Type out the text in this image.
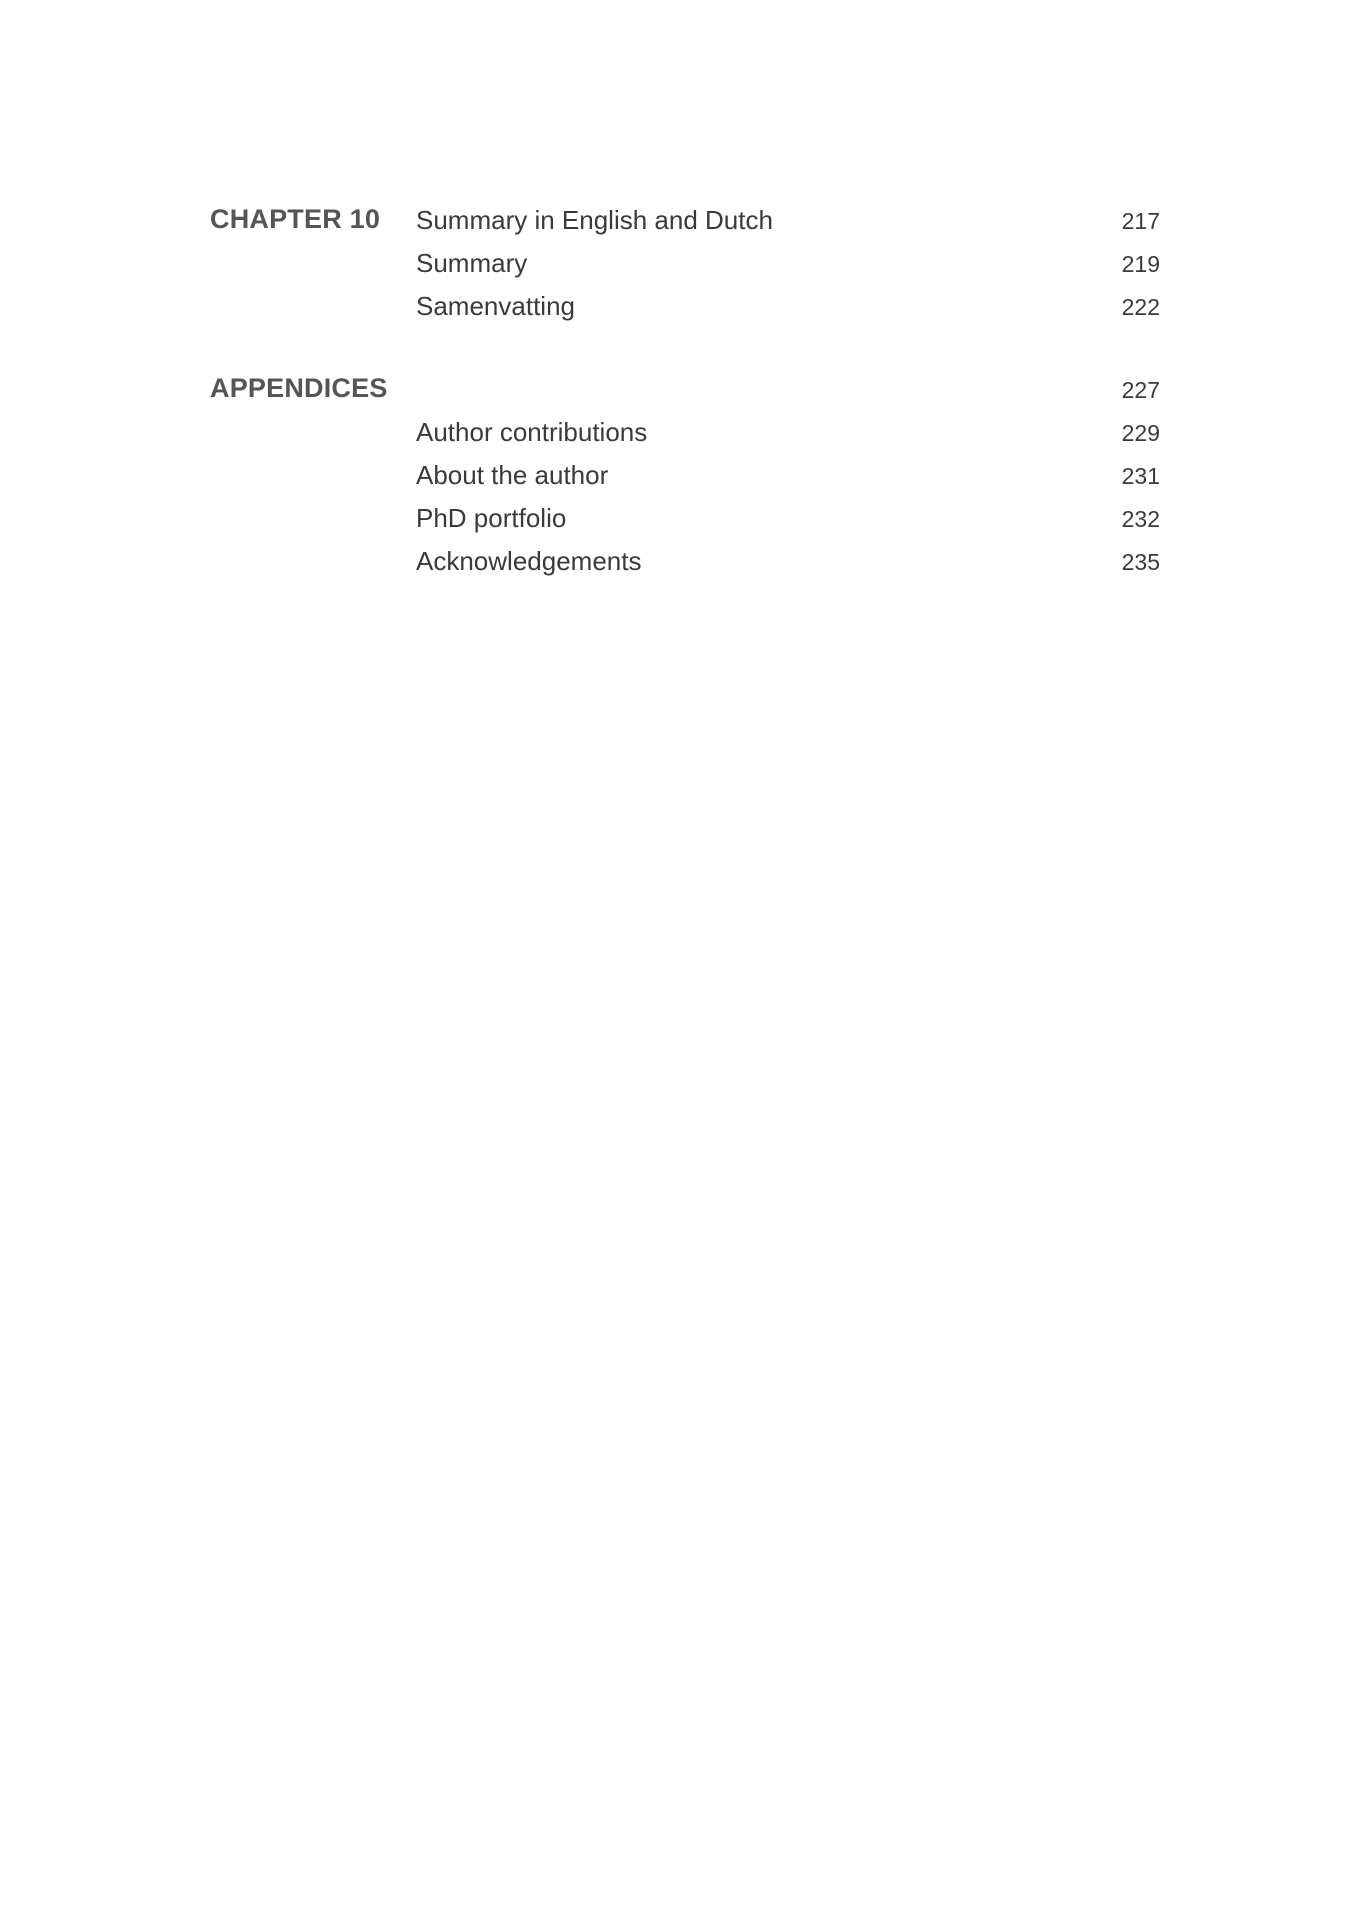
CHAPTER 10 Summary in English and Dutch	217
Summary	219
Samenvatting	222
APPENDICES	227
Author contributions	229
About the author	231
PhD portfolio	232
Acknowledgements	235
